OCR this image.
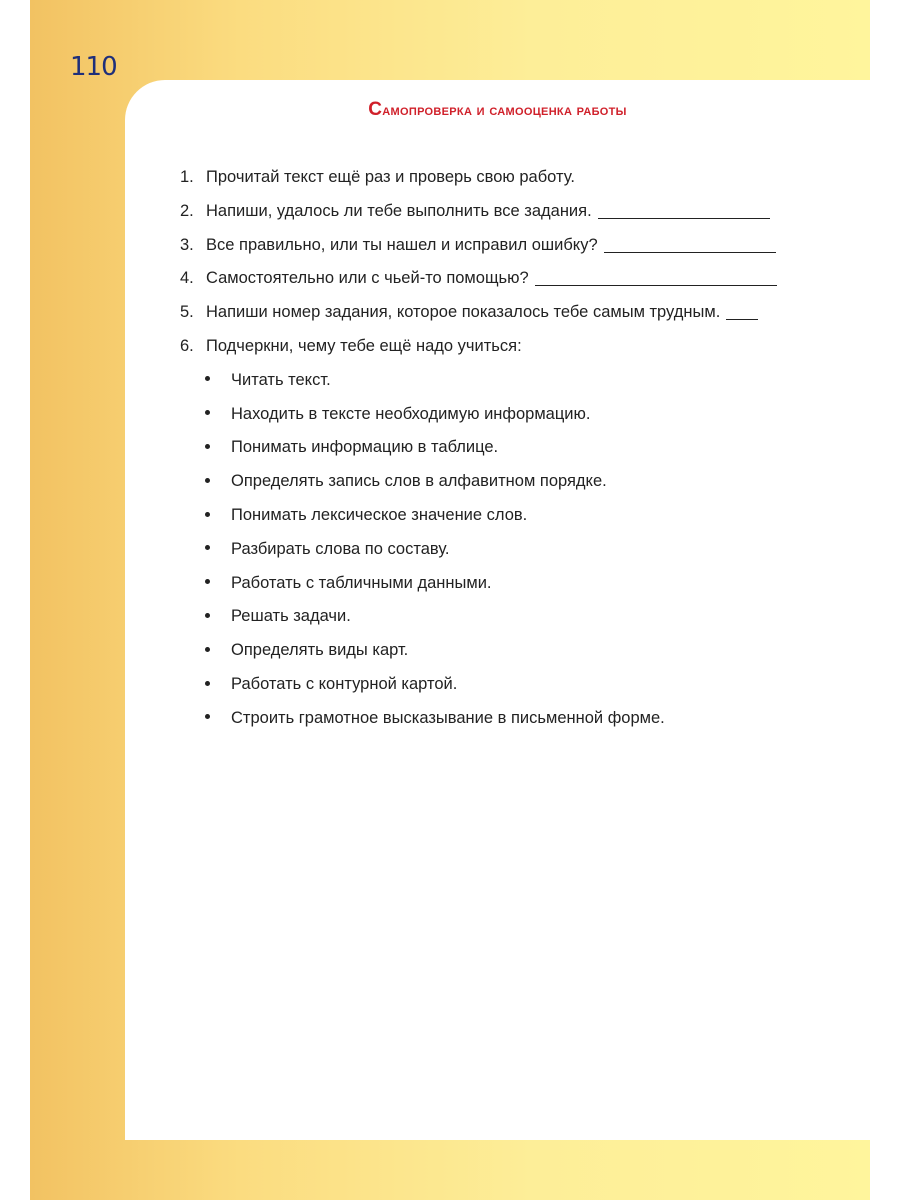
110
Самопроверка и самооценка работы
1. Прочитай текст ещё раз и проверь свою работу.
2. Напиши, удалось ли тебе выполнить все задания.
3. Все правильно, или ты нашел и исправил ошибку?
4. Самостоятельно или с чьей-то помощью?
5. Напиши номер задания, которое показалось тебе самым трудным.
6. Подчеркни, чему тебе ещё надо учиться:
Читать текст.
Находить в тексте необходимую информацию.
Понимать информацию в таблице.
Определять запись слов в алфавитном порядке.
Понимать лексическое значение слов.
Разбирать слова по составу.
Работать с табличными данными.
Решать задачи.
Определять виды карт.
Работать с контурной картой.
Строить грамотное высказывание в письменной форме.
